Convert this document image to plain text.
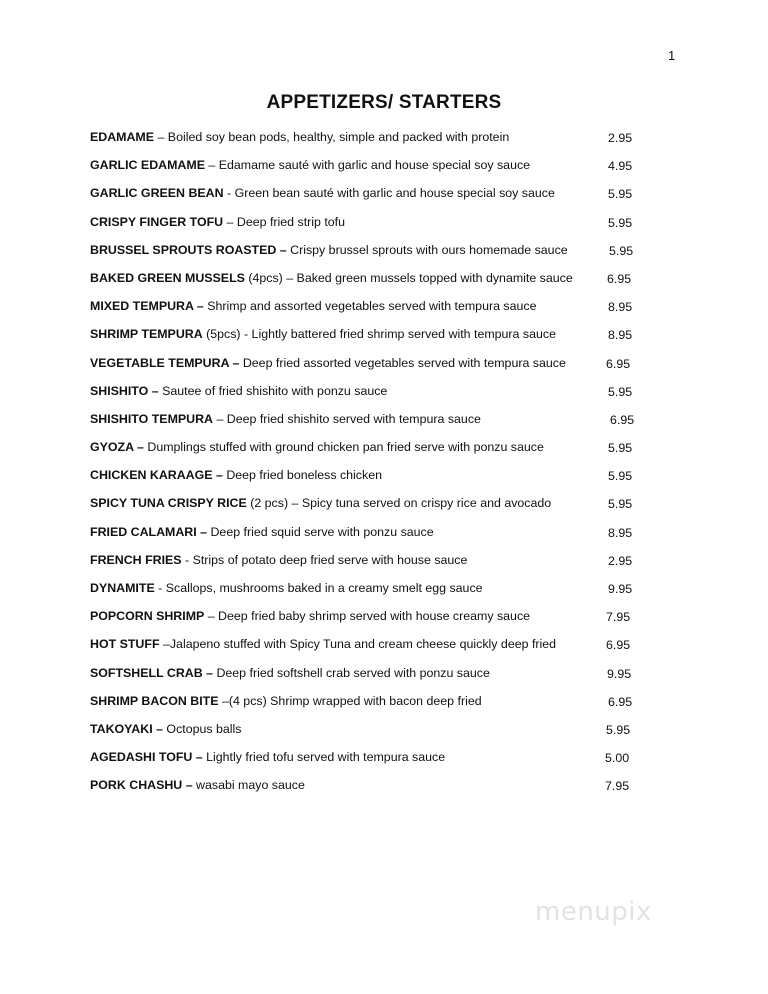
1
APPETIZERS/ STARTERS
EDAMAME – Boiled soy bean pods, healthy, simple and packed with protein	2.95
GARLIC EDAMAME – Edamame sauté with garlic and house special soy sauce	4.95
GARLIC GREEN BEAN - Green bean sauté with garlic and house special soy sauce	5.95
CRISPY FINGER TOFU – Deep fried strip tofu	5.95
BRUSSEL SPROUTS ROASTED – Crispy brussel sprouts with ours homemade sauce	5.95
BAKED GREEN MUSSELS (4pcs) – Baked green mussels topped with dynamite sauce	6.95
MIXED TEMPURA – Shrimp and assorted vegetables served with tempura sauce	8.95
SHRIMP TEMPURA (5pcs) - Lightly battered fried shrimp served with tempura sauce	8.95
VEGETABLE TEMPURA – Deep fried assorted vegetables served with tempura sauce	6.95
SHISHITO – Sautee of fried shishito with ponzu sauce	5.95
SHISHITO TEMPURA – Deep fried shishito served with tempura sauce	6.95
GYOZA – Dumplings stuffed with ground chicken pan fried serve with ponzu sauce	5.95
CHICKEN KARAAGE – Deep fried boneless chicken	5.95
SPICY TUNA CRISPY RICE (2 pcs) – Spicy tuna served on crispy rice and avocado	5.95
FRIED CALAMARI – Deep fried squid serve with ponzu sauce	8.95
FRENCH FRIES - Strips of potato deep fried serve with house sauce	2.95
DYNAMITE - Scallops, mushrooms baked in a creamy smelt egg sauce	9.95
POPCORN SHRIMP – Deep fried baby shrimp served with house creamy sauce	7.95
HOT STUFF –Jalapeno stuffed with Spicy Tuna and cream cheese quickly deep fried	6.95
SOFTSHELL CRAB – Deep fried softshell crab served with ponzu sauce	9.95
SHRIMP BACON BITE –(4 pcs) Shrimp wrapped with bacon deep fried	6.95
TAKOYAKI – Octopus balls	5.95
AGEDASHI TOFU – Lightly fried tofu served with tempura sauce	5.00
PORK CHASHU – wasabi mayo sauce	7.95
menupix
